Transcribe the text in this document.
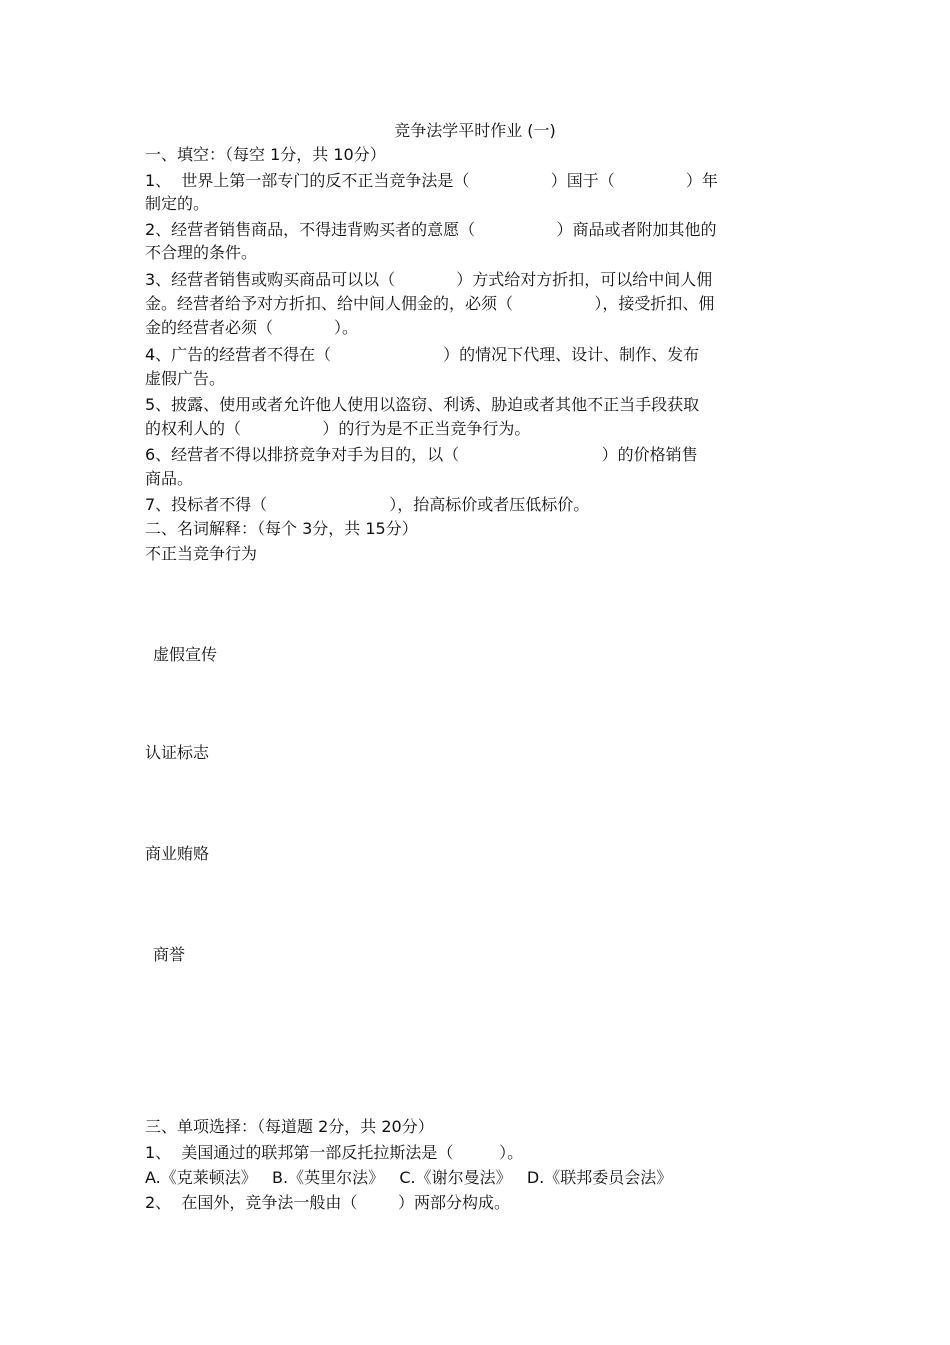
竞争法学平时作业 (一)
一、填空：（每空 1分，共 10分）
1、  世界上第一部专门的反不正当竞争法是（                ）国于（              ）年
制定的。
2、经营者销售商品，不得违背购买者的意愿（                ）商品或者附加其他的
不合理的条件。
3、经营者销售或购买商品可以以（            ）方式给对方折扣，可以给中间人佣
金。经营者给予对方折扣、给中间人佣金的，必须（                ），接受折扣、佣
金的经营者必须（            ）。
4、广告的经营者不得在（                      ）的情况下代理、设计、制作、发布
虚假广告。
5、披露、使用或者允许他人使用以盗窃、利诱、胁迫或者其他不正当手段获取
的权利人的（                ）的行为是不正当竞争行为。
6、经营者不得以排挤竞争对手为目的，以（                            ）的价格销售
商品。
7、投标者不得（                        ），抬高标价或者压低标价。
二、名词解释：（每个 3分，共 15分）
不正当竞争行为
虚假宣传
认证标志
商业贿赂
商誉
三、单项选择：（每道题 2分，共 20分）
1、  美国通过的联邦第一部反托拉斯法是（         ）。
A.《克莱顿法》   B.《英里尔法》   C.《谢尔曼法》   D.《联邦委员会法》
2、  在国外，竞争法一般由（        ）两部分构成。
